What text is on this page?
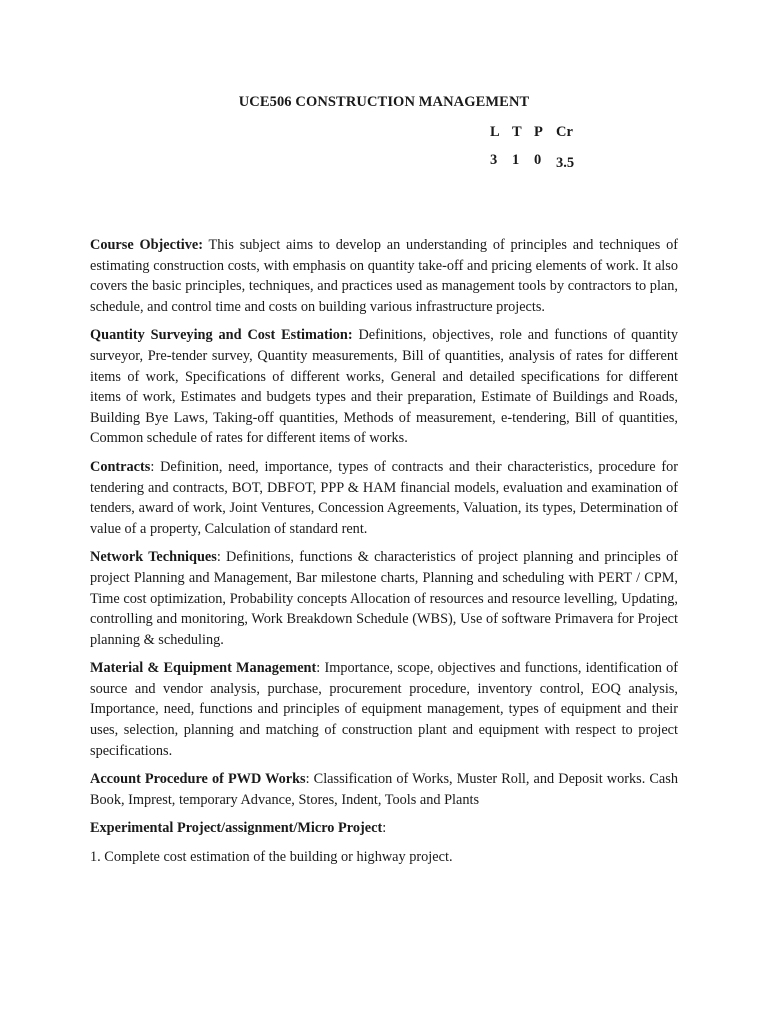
UCE506 CONSTRUCTION MANAGEMENT
L T P Cr
3	1	0	3.5

Course Objective: This subject aims to develop an understanding of principles and techniques of estimating construction costs, with emphasis on quantity take-off and pricing elements of work. It also covers the basic principles, techniques, and practices used as management tools by contractors to plan, schedule, and control time and costs on building various infrastructure projects.

Quantity Surveying and Cost Estimation: Definitions, objectives, role and functions of quantity surveyor, Pre-tender survey, Quantity measurements, Bill of quantities, analysis of rates for different items of work, Specifications of different works, General and detailed specifications for different items of work, Estimates and budgets types and their preparation, Estimate of Buildings and Roads, Building Bye Laws, Taking-off quantities, Methods of measurement, e-tendering, Bill of quantities, Common schedule of rates for different items of works.

Contracts: Definition, need, importance, types of contracts and their characteristics, procedure for tendering and contracts, BOT, DBFOT, PPP & HAM financial models, evaluation and examination of tenders, award of work, Joint Ventures, Concession Agreements, Valuation, its types, Determination of value of a property, Calculation of standard rent.

Network Techniques: Definitions, functions & characteristics of project planning and principles of project Planning and Management, Bar milestone charts, Planning and scheduling with PERT / CPM, Time cost optimization, Probability concepts Allocation of resources and resource levelling, Updating, controlling and monitoring, Work Breakdown Schedule (WBS), Use of software Primavera for Project planning & scheduling.

Material & Equipment Management: Importance, scope, objectives and functions, identification of source and vendor analysis, purchase, procurement procedure, inventory control, EOQ analysis, Importance, need, functions and principles of equipment management, types of equipment and their uses, selection, planning and matching of construction plant and equipment with respect to project specifications.

Account Procedure of PWD Works: Classification of Works, Muster Roll, and Deposit works. Cash Book, Imprest, temporary Advance, Stores, Indent, Tools and Plants

Experimental Project/assignment/Micro Project:

1. Complete cost estimation of the building or highway project.
